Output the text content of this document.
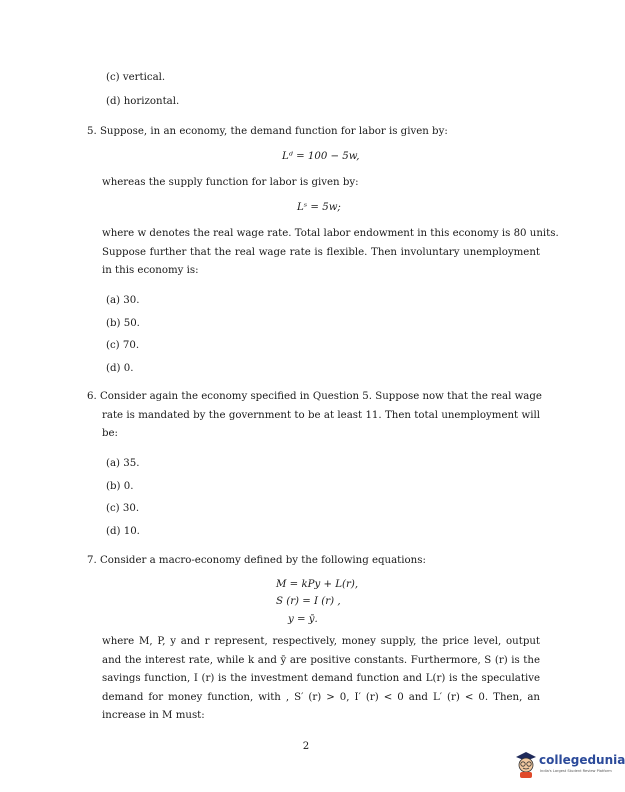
(c) vertical.
(d) horizontal.
5. Suppose, in an economy, the demand function for labor is given by:
Lᵈ = 100 − 5w,
whereas the supply function for labor is given by:
Lˢ = 5w;
where w denotes the real wage rate. Total labor endowment in this economy is 80 units.
Suppose further that the real wage rate is flexible. Then involuntary unemployment
in this economy is:
(a) 30.
(b) 50.
(c) 70.
(d) 0.
6. Consider again the economy specified in Question 5. Suppose now that the real wage
rate is mandated by the government to be at least 11. Then total unemployment will
be:
(a) 35.
(b) 0.
(c) 30.
(d) 10.
7. Consider a macro-economy defined by the following equations:
M = kPy + L(r),
S (r) = I (r) ,
y = ȳ.
where M, P, y and r represent, respectively, money supply, the price level, output
and the interest rate, while k and ȳ are positive constants. Furthermore, S (r) is the
savings function, I (r) is the investment demand function and L(r) is the speculative
demand for money function, with , S′ (r) > 0, I′ (r) < 0 and L′ (r) < 0. Then, an
increase in M must:
2
collegedunia
India's Largest Student Review Platform
